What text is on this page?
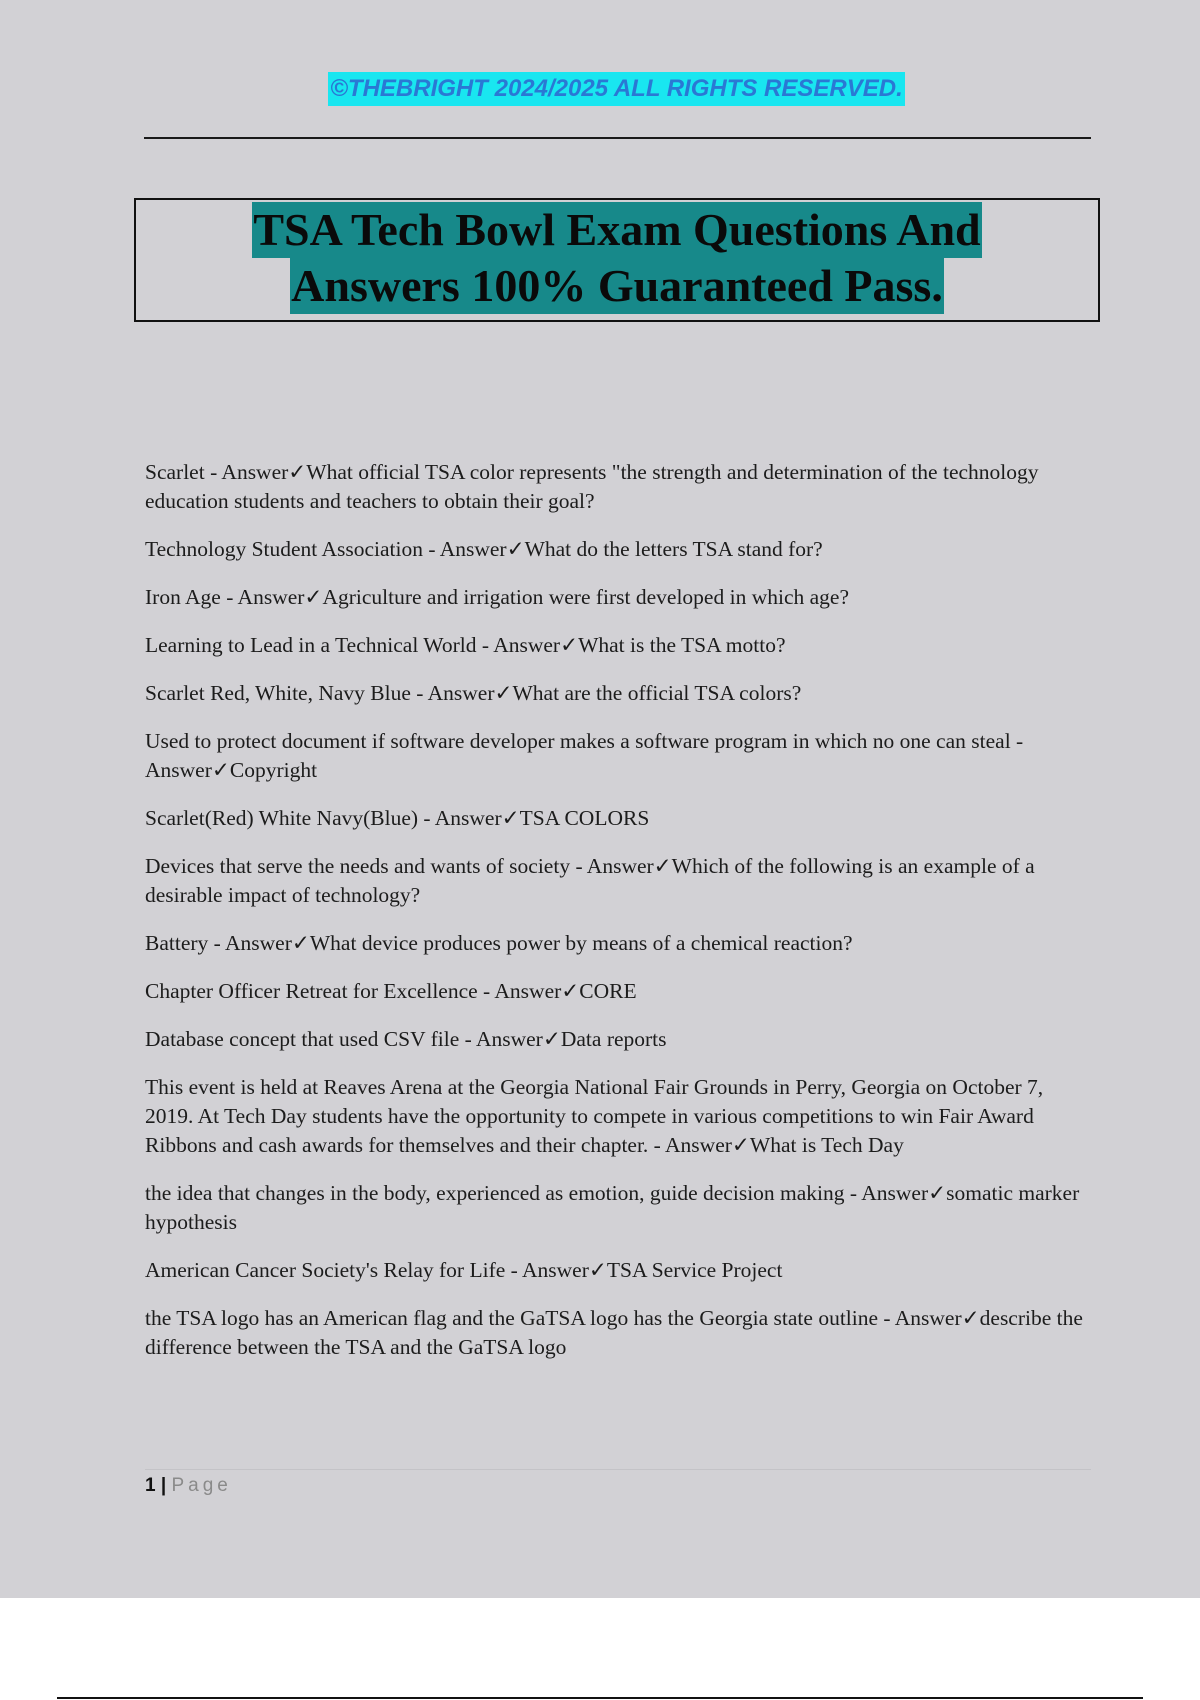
©THEBRIGHT 2024/2025 ALL RIGHTS RESERVED.
TSA Tech Bowl Exam Questions And
Answers 100% Guaranteed Pass.
Scarlet - Answer✓What official TSA color represents "the strength and determination of the technology education students and teachers to obtain their goal?
Technology Student Association - Answer✓What do the letters TSA stand for?
Iron Age - Answer✓Agriculture and irrigation were first developed in which age?
Learning to Lead in a Technical World - Answer✓What is the TSA motto?
Scarlet Red, White, Navy Blue - Answer✓What are the official TSA colors?
Used to protect document if software developer makes a software program in which no one can steal - Answer✓Copyright
Scarlet(Red) White Navy(Blue) - Answer✓TSA COLORS
Devices that serve the needs and wants of society - Answer✓Which of the following is an example of a desirable impact of technology?
Battery - Answer✓What device produces power by means of a chemical reaction?
Chapter Officer Retreat for Excellence - Answer✓CORE
Database concept that used CSV file - Answer✓Data reports
This event is held at Reaves Arena at the Georgia National Fair Grounds in Perry, Georgia on October 7, 2019. At Tech Day students have the opportunity to compete in various competitions to win Fair Award Ribbons and cash awards for themselves and their chapter. - Answer✓What is Tech Day
the idea that changes in the body, experienced as emotion, guide decision making - Answer✓somatic marker hypothesis
American Cancer Society's Relay for Life - Answer✓TSA Service Project
the TSA logo has an American flag and the GaTSA logo has the Georgia state outline - Answer✓describe the difference between the TSA and the GaTSA logo
1 | Page
